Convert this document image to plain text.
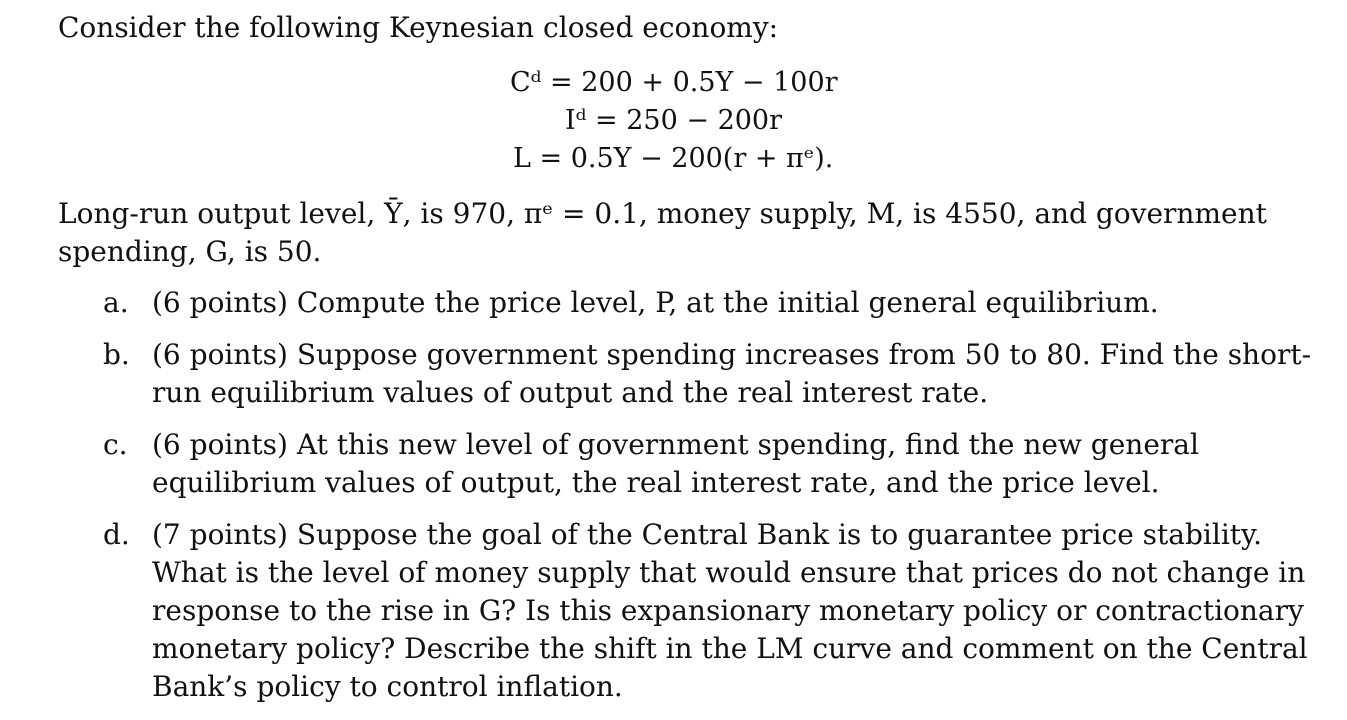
Consider the following Keynesian closed economy:
Cᵈ = 200 + 0.5Y − 100r
Iᵈ = 250 − 200r
L = 0.5Y − 200(r + πᵉ).
Long-run output level, Ȳ, is 970, πᵉ = 0.1, money supply, M, is 4550, and government spending, G, is 50.
a. (6 points) Compute the price level, P, at the initial general equilibrium.
b. (6 points) Suppose government spending increases from 50 to 80. Find the short-run equilibrium values of output and the real interest rate.
c. (6 points) At this new level of government spending, find the new general equilibrium values of output, the real interest rate, and the price level.
d. (7 points) Suppose the goal of the Central Bank is to guarantee price stability. What is the level of money supply that would ensure that prices do not change in response to the rise in G? Is this expansionary monetary policy or contractionary monetary policy? Describe the shift in the LM curve and comment on the Central Bank’s policy to control inflation.
